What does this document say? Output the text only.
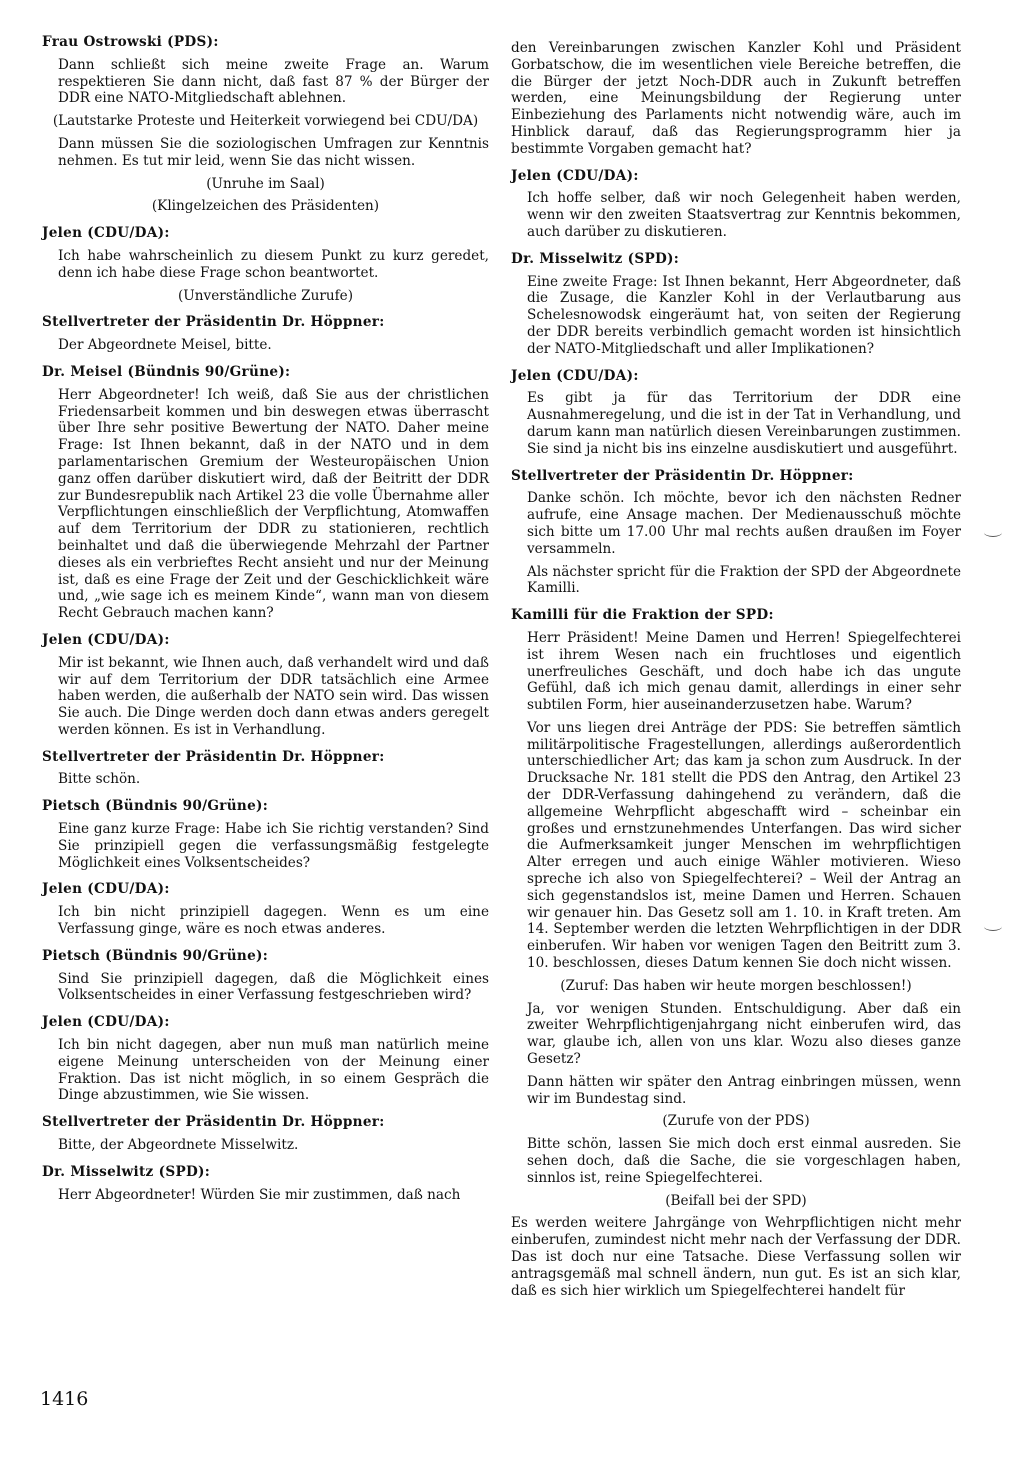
Frau Ostrowski (PDS):
Dann schließt sich meine zweite Frage an. Warum respektieren Sie dann nicht, daß fast 87 % der Bürger der DDR eine NATO-Mitgliedschaft ablehnen.
(Lautstarke Proteste und Heiterkeit vorwiegend bei CDU/DA)
Dann müssen Sie die soziologischen Umfragen zur Kenntnis nehmen. Es tut mir leid, wenn Sie das nicht wissen.
(Unruhe im Saal)
(Klingelzeichen des Präsidenten)
Jelen (CDU/DA):
Ich habe wahrscheinlich zu diesem Punkt zu kurz geredet, denn ich habe diese Frage schon beantwortet.
(Unverständliche Zurufe)
Stellvertreter der Präsidentin Dr. Höppner:
Der Abgeordnete Meisel, bitte.
Dr. Meisel (Bündnis 90/Grüne):
Herr Abgeordneter! Ich weiß, daß Sie aus der christlichen Friedensarbeit kommen und bin deswegen etwas überrascht über Ihre sehr positive Bewertung der NATO. Daher meine Frage: Ist Ihnen bekannt, daß in der NATO und in dem parlamentarischen Gremium der Westeuropäischen Union ganz offen darüber diskutiert wird, daß der Beitritt der DDR zur Bundesrepublik nach Artikel 23 die volle Übernahme aller Verpflichtungen einschließlich der Verpflichtung, Atomwaffen auf dem Territorium der DDR zu stationieren, rechtlich beinhaltet und daß die überwiegende Mehrzahl der Partner dieses als ein verbrieftes Recht ansieht und nur der Meinung ist, daß es eine Frage der Zeit und der Geschicklichkeit wäre und, „wie sage ich es meinem Kinde“, wann man von diesem Recht Gebrauch machen kann?
Jelen (CDU/DA):
Mir ist bekannt, wie Ihnen auch, daß verhandelt wird und daß wir auf dem Territorium der DDR tatsächlich eine Armee haben werden, die außerhalb der NATO sein wird. Das wissen Sie auch. Die Dinge werden doch dann etwas anders geregelt werden können. Es ist in Verhandlung.
Stellvertreter der Präsidentin Dr. Höppner:
Bitte schön.
Pietsch (Bündnis 90/Grüne):
Eine ganz kurze Frage: Habe ich Sie richtig verstanden? Sind Sie prinzipiell gegen die verfassungsmäßig festgelegte Möglichkeit eines Volksentscheides?
Jelen (CDU/DA):
Ich bin nicht prinzipiell dagegen. Wenn es um eine Verfassung ginge, wäre es noch etwas anderes.
Pietsch (Bündnis 90/Grüne):
Sind Sie prinzipiell dagegen, daß die Möglichkeit eines Volksentscheides in einer Verfassung festgeschrieben wird?
Jelen (CDU/DA):
Ich bin nicht dagegen, aber nun muß man natürlich meine eigene Meinung unterscheiden von der Meinung einer Fraktion. Das ist nicht möglich, in so einem Gespräch die Dinge abzustimmen, wie Sie wissen.
Stellvertreter der Präsidentin Dr. Höppner:
Bitte, der Abgeordnete Misselwitz.
Dr. Misselwitz (SPD):
Herr Abgeordneter! Würden Sie mir zustimmen, daß nach
den Vereinbarungen zwischen Kanzler Kohl und Präsident Gorbatschow, die im wesentlichen viele Bereiche betreffen, die die Bürger der jetzt Noch-DDR auch in Zukunft betreffen werden, eine Meinungsbildung der Regierung unter Einbeziehung des Parlaments nicht notwendig wäre, auch im Hinblick darauf, daß das Regierungsprogramm hier ja bestimmte Vorgaben gemacht hat?
Jelen (CDU/DA):
Ich hoffe selber, daß wir noch Gelegenheit haben werden, wenn wir den zweiten Staatsvertrag zur Kenntnis bekommen, auch darüber zu diskutieren.
Dr. Misselwitz (SPD):
Eine zweite Frage: Ist Ihnen bekannt, Herr Abgeordneter, daß die Zusage, die Kanzler Kohl in der Verlautbarung aus Schelesnowodsk eingeräumt hat, von seiten der Regierung der DDR bereits verbindlich gemacht worden ist hinsichtlich der NATO-Mitgliedschaft und aller Implikationen?
Jelen (CDU/DA):
Es gibt ja für das Territorium der DDR eine Ausnahmeregelung, und die ist in der Tat in Verhandlung, und darum kann man natürlich diesen Vereinbarungen zustimmen. Sie sind ja nicht bis ins einzelne ausdiskutiert und ausgeführt.
Stellvertreter der Präsidentin Dr. Höppner:
Danke schön. Ich möchte, bevor ich den nächsten Redner aufrufe, eine Ansage machen. Der Medienausschuß möchte sich bitte um 17.00 Uhr mal rechts außen draußen im Foyer versammeln.
Als nächster spricht für die Fraktion der SPD der Abgeordnete Kamilli.
Kamilli für die Fraktion der SPD:
Herr Präsident! Meine Damen und Herren! Spiegelfechterei ist ihrem Wesen nach ein fruchtloses und eigentlich unerfreuliches Geschäft, und doch habe ich das ungute Gefühl, daß ich mich genau damit, allerdings in einer sehr subtilen Form, hier auseinanderzusetzen habe. Warum?
Vor uns liegen drei Anträge der PDS: Sie betreffen sämtlich militärpolitische Fragestellungen, allerdings außerordentlich unterschiedlicher Art; das kam ja schon zum Ausdruck. In der Drucksache Nr. 181 stellt die PDS den Antrag, den Artikel 23 der DDR-Verfassung dahingehend zu verändern, daß die allgemeine Wehrpflicht abgeschafft wird – scheinbar ein großes und ernstzunehmendes Unterfangen. Das wird sicher die Aufmerksamkeit junger Menschen im wehrpflichtigen Alter erregen und auch einige Wähler motivieren. Wieso spreche ich also von Spiegelfechterei? – Weil der Antrag an sich gegenstandslos ist, meine Damen und Herren. Schauen wir genauer hin. Das Gesetz soll am 1. 10. in Kraft treten. Am 14. September werden die letzten Wehrpflichtigen in der DDR einberufen. Wir haben vor wenigen Tagen den Beitritt zum 3. 10. beschlossen, dieses Datum kennen Sie doch nicht wissen.
(Zuruf: Das haben wir heute morgen beschlossen!)
Ja, vor wenigen Stunden. Entschuldigung. Aber daß ein zweiter Wehrpflichtigenjahrgang nicht einberufen wird, das war, glaube ich, allen von uns klar. Wozu also dieses ganze Gesetz?
Dann hätten wir später den Antrag einbringen müssen, wenn wir im Bundestag sind.
(Zurufe von der PDS)
Bitte schön, lassen Sie mich doch erst einmal ausreden. Sie sehen doch, daß die Sache, die sie vorgeschlagen haben, sinnlos ist, reine Spiegelfechterei.
(Beifall bei der SPD)
Es werden weitere Jahrgänge von Wehrpflichtigen nicht mehr einberufen, zumindest nicht mehr nach der Verfassung der DDR. Das ist doch nur eine Tatsache. Diese Verfassung sollen wir antragsgemäß mal schnell ändern, nun gut. Es ist an sich klar, daß es sich hier wirklich um Spiegelfechterei handelt für
1416
